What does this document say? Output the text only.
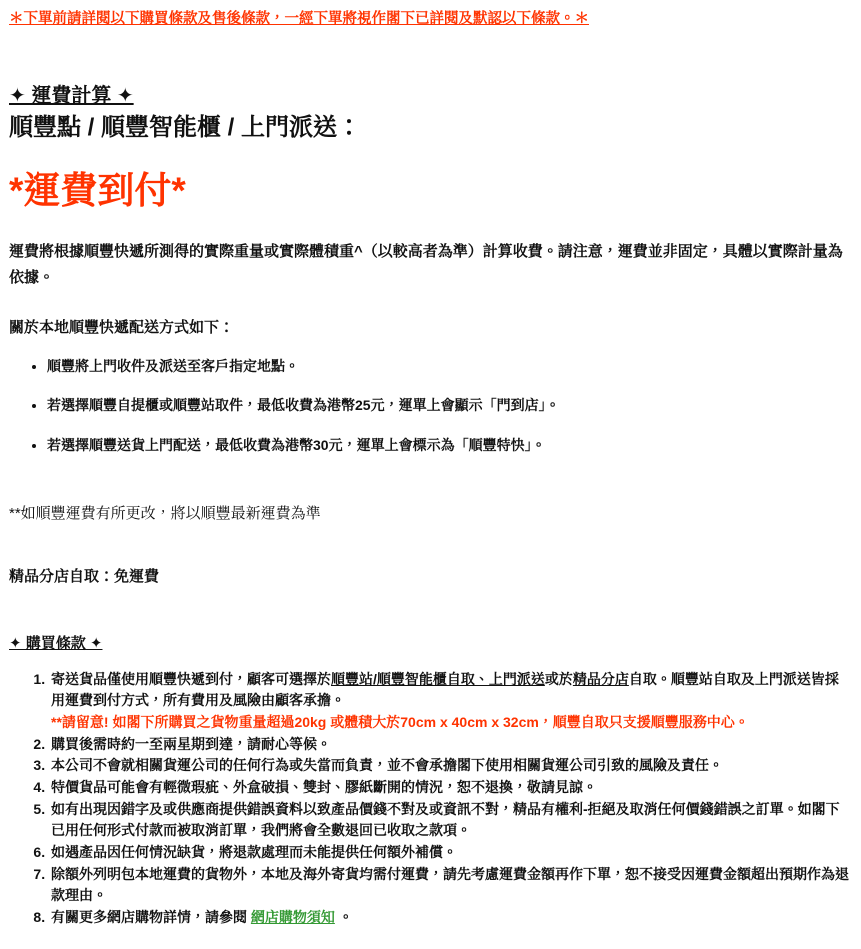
＊下單前請詳閱以下購買條款及售後條款，一經下單將視作閣下已詳閱及默認以下條款。＊

✦ 運費計算 ✦
順豐點 / 順豐智能櫃 / 上門派送：
*運費到付*

運費將根據順豐快遞所測得的實際重量或實際體積重^（以較高者為準）計算收費。請注意，運費並非固定，具體以實際計量為依據。

關於本地順豐快遞配送方式如下：

• 順豐將上門收件及派送至客戶指定地點。
• 若選擇順豐自提櫃或順豐站取件，最低收費為港幣25元，運單上會顯示「門到店」。
• 若選擇順豐送貨上門配送，最低收費為港幣30元，運單上會標示為「順豐特快」。

**如順豐運費有所更改，將以順豐最新運費為準

精品分店自取：免運費

✦ 購買條款 ✦
1. 寄送貨品僅使用順豐快遞到付，顧客可選擇於順豐站/順豐智能櫃自取、上門派送或於精品分店自取。順豐站自取及上門派送皆採用運費到付方式，所有費用及風險由顧客承擔。
**請留意! 如閣下所購買之貨物重量超過20kg 或體積大於70cm x 40cm x 32cm，順豐自取只支援順豐服務中心。
2. 購買後需時約一至兩星期到達，請耐心等候。
3. 本公司不會就相關貨運公司的任何行為或失當而負責，並不會承擔閣下使用相關貨運公司引致的風險及責任。
4. 特價貨品可能會有輕微瑕疵、外盒破損、雙封、膠紙斷開的情況，恕不退換，敬請見諒。
5. 如有出現因錯字及或供應商提供錯誤資料以致產品價錢不對及或資訊不對，精品有權利-拒絕及取消任何價錢錯誤之訂單。如閣下已用任何形式付款而被取消訂單，我們將會全數退回已收取之款項。
6. 如遇產品因任何情況缺貨，將退款處理而未能提供任何額外補償。
7. 除額外列明包本地運費的貨物外，本地及海外寄貨均需付運費，請先考慮運費金額再作下單，恕不接受因運費金額超出預期作為退款理由。
8. 有關更多網店購物詳情，請參閱 網店購物須知 。
